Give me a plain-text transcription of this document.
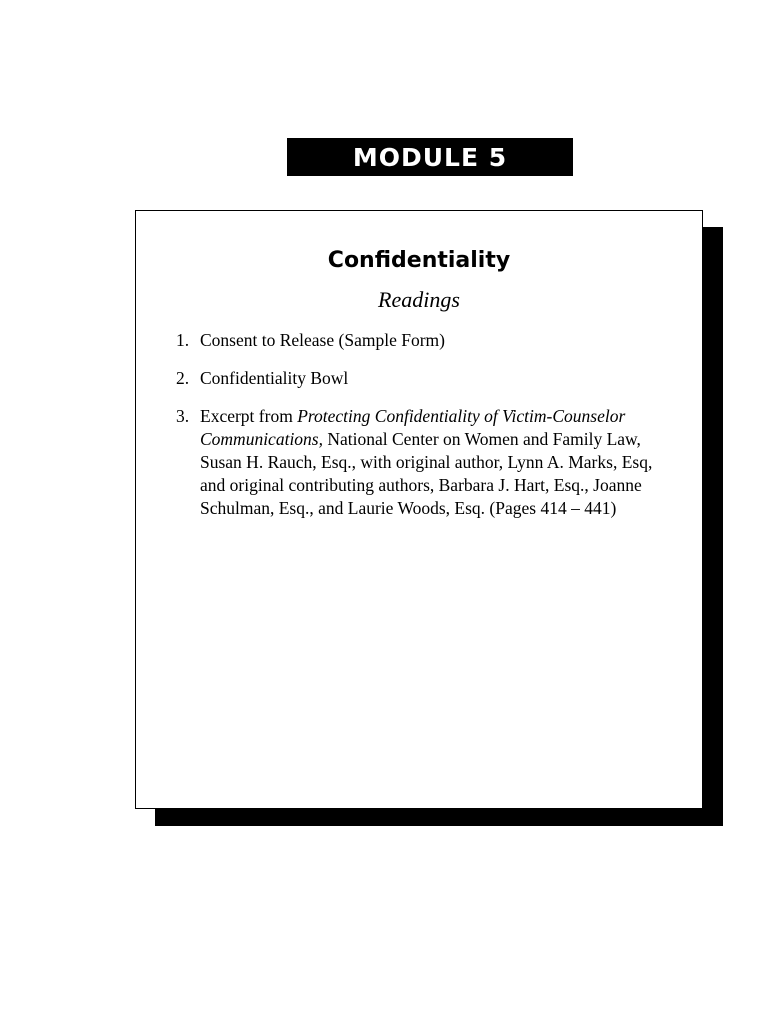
MODULE 5
Confidentiality
Readings
1. Consent to Release (Sample Form)
2. Confidentiality Bowl
3. Excerpt from Protecting Confidentiality of Victim-Counselor Communications, National Center on Women and Family Law, Susan H. Rauch, Esq., with original author, Lynn A. Marks, Esq, and original contributing authors, Barbara J. Hart, Esq., Joanne Schulman, Esq., and Laurie Woods, Esq. (Pages 414 – 441)
